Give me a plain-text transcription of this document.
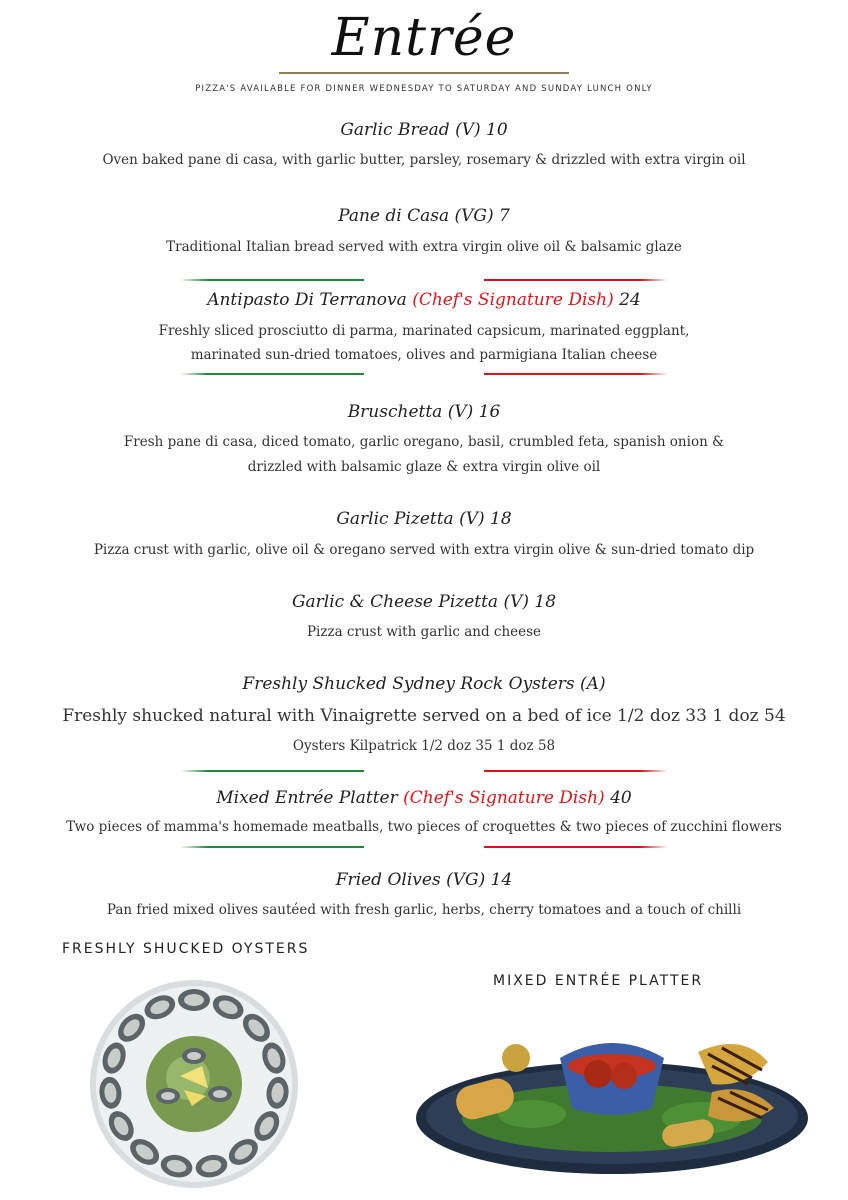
Entrée
PIZZA'S AVAILABLE FOR DINNER WEDNESDAY TO SATURDAY AND SUNDAY LUNCH ONLY
Garlic Bread (V) 10
Oven baked pane di casa, with garlic butter, parsley, rosemary & drizzled with extra virgin oil
Pane di Casa (VG) 7
Traditional Italian bread served with extra virgin olive oil & balsamic glaze
Antipasto Di Terranova (Chef's Signature Dish) 24
Freshly sliced prosciutto di parma, marinated capsicum, marinated eggplant,
marinated sun-dried tomatoes, olives and parmigiana Italian cheese
Bruschetta (V) 16
Fresh pane di casa, diced tomato, garlic oregano, basil, crumbled feta, spanish onion &
drizzled with balsamic glaze & extra virgin olive oil
Garlic Pizetta (V) 18
Pizza crust with garlic, olive oil & oregano served with extra virgin olive & sun-dried tomato dip
Garlic & Cheese Pizetta (V) 18
Pizza crust with garlic and cheese
Freshly Shucked Sydney Rock Oysters (A)
Freshly shucked natural with Vinaigrette served on a bed of ice 1/2 doz 33 1 doz 54
Oysters Kilpatrick 1/2 doz 35 1 doz 58
Mixed Entrée Platter (Chef's Signature Dish) 40
Two pieces of mamma's homemade meatballs, two pieces of croquettes & two pieces of zucchini flowers
Fried Olives (VG) 14
Pan fried mixed olives sautéed with fresh garlic, herbs, cherry tomatoes and a touch of chilli
FRESHLY SHUCKED OYSTERS
MIXED ENTRÉE PLATTER
